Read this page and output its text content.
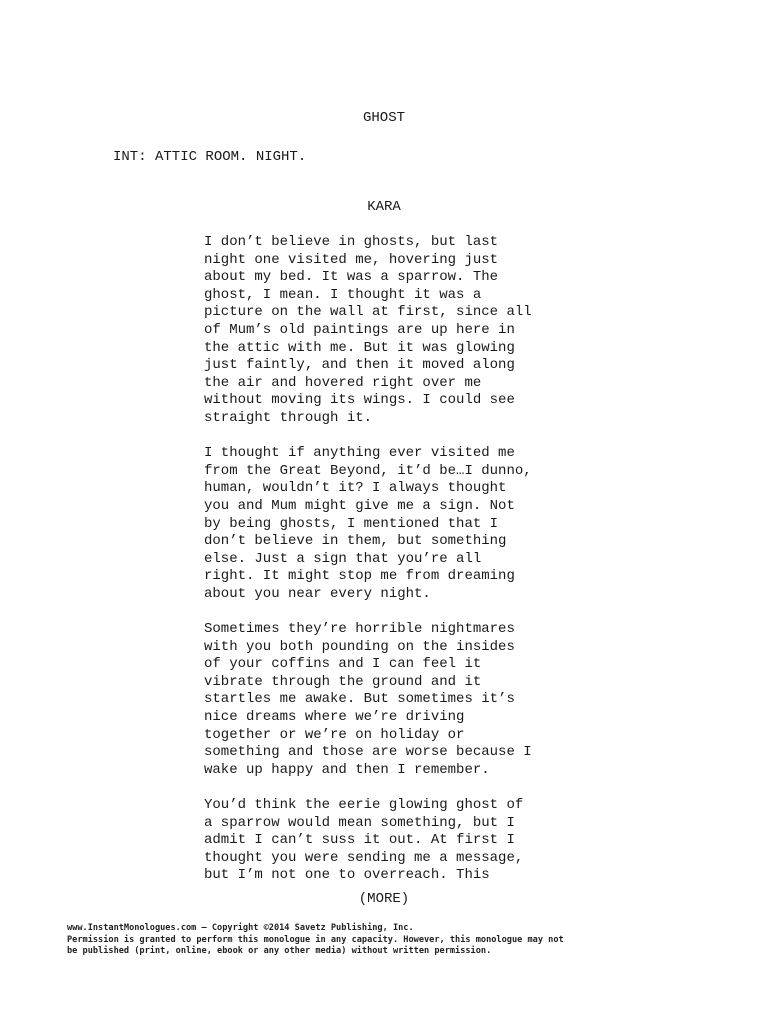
GHOST
INT: ATTIC ROOM. NIGHT.
KARA
I don’t believe in ghosts, but last
night one visited me, hovering just
about my bed. It was a sparrow. The
ghost, I mean. I thought it was a
picture on the wall at first, since all
of Mum’s old paintings are up here in
the attic with me. But it was glowing
just faintly, and then it moved along
the air and hovered right over me
without moving its wings. I could see
straight through it.
I thought if anything ever visited me
from the Great Beyond, it’d be…I dunno,
human, wouldn’t it? I always thought
you and Mum might give me a sign. Not
by being ghosts, I mentioned that I
don’t believe in them, but something
else. Just a sign that you’re all
right. It might stop me from dreaming
about you near every night.
Sometimes they’re horrible nightmares
with you both pounding on the insides
of your coffins and I can feel it
vibrate through the ground and it
startles me awake. But sometimes it’s
nice dreams where we’re driving
together or we’re on holiday or
something and those are worse because I
wake up happy and then I remember.
You’d think the eerie glowing ghost of
a sparrow would mean something, but I
admit I can’t suss it out. At first I
thought you were sending me a message,
but I’m not one to overreach. This
(MORE)
www.InstantMonologues.com – Copyright ©2014 Savetz Publishing, Inc.
Permission is granted to perform this monologue in any capacity. However, this monologue may not
be published (print, online, ebook or any other media) without written permission.
